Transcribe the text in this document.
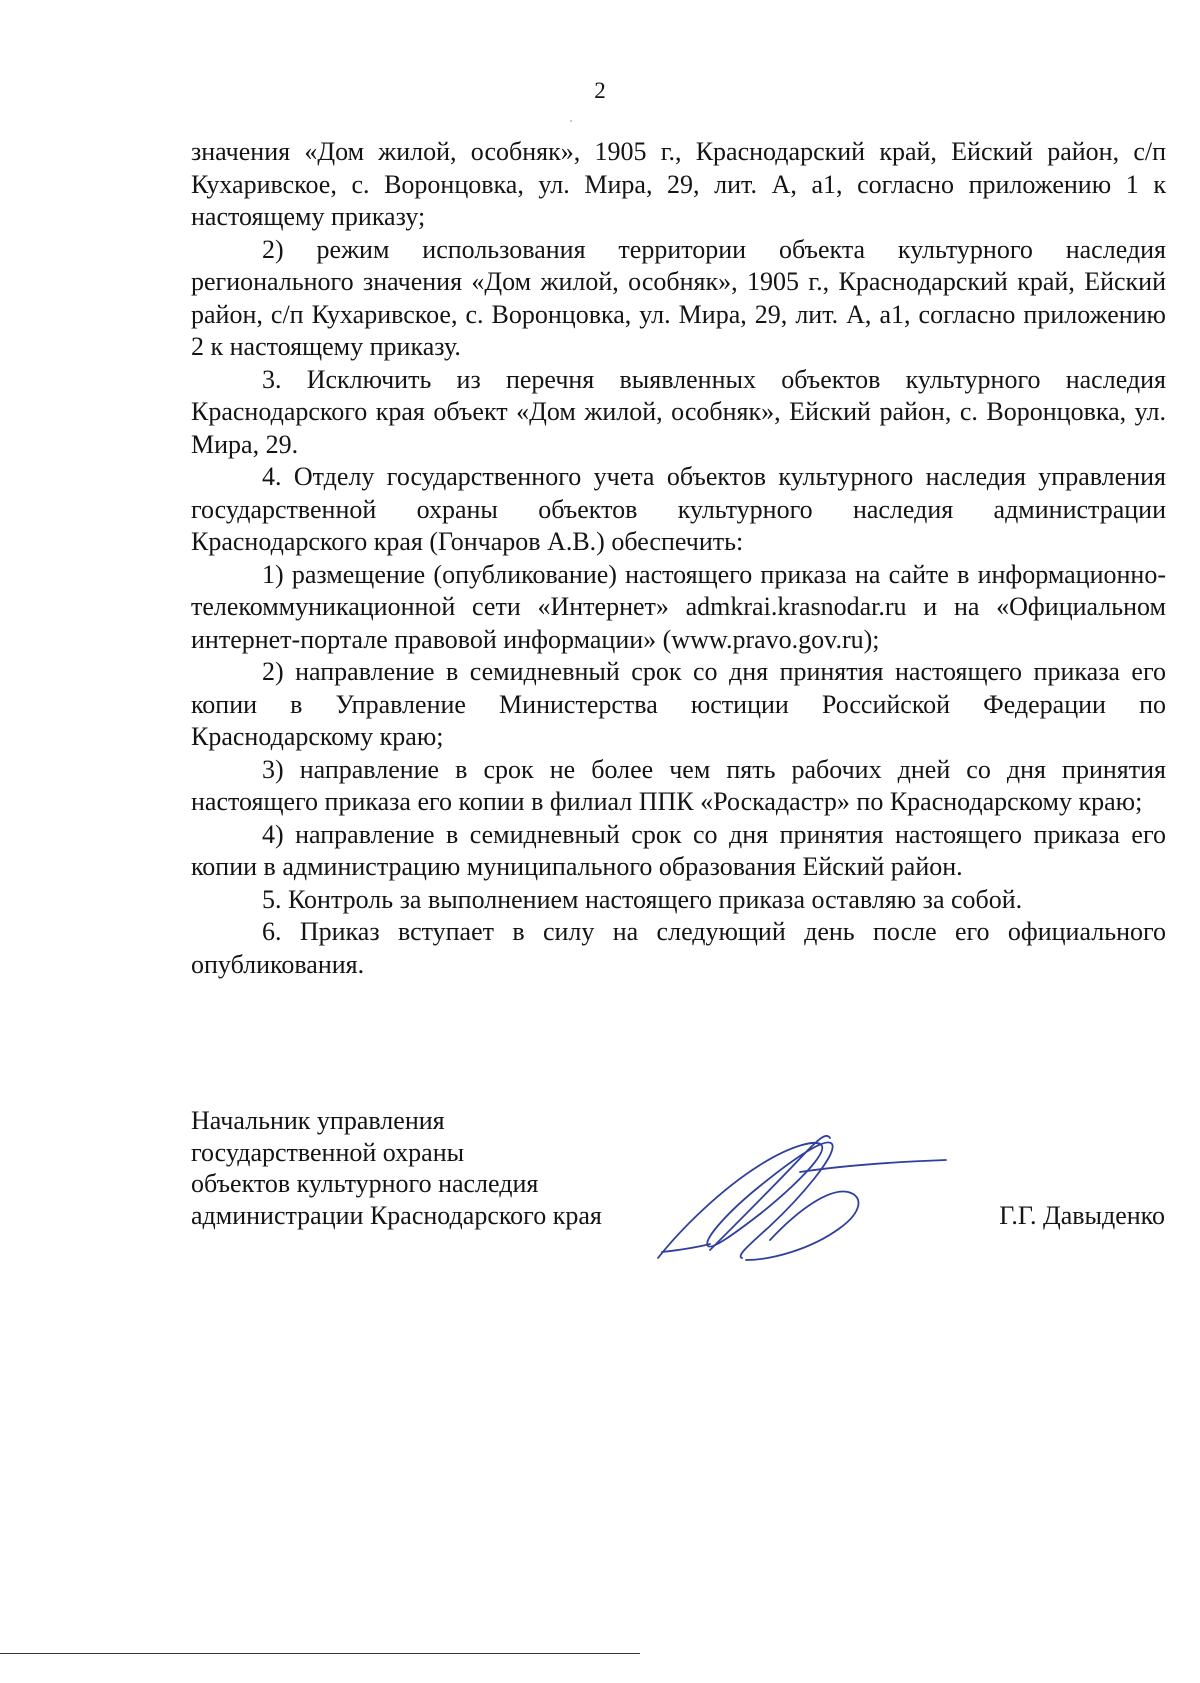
2

значения «Дом жилой, особняк», 1905 г., Краснодарский край, Ейский район, с/п Кухаривское, с. Воронцовка, ул. Мира, 29, лит. А, а1, согласно приложению 1 к настоящему приказу;

2) режим использования территории объекта культурного наследия регионального значения «Дом жилой, особняк», 1905 г., Краснодарский край, Ейский район, с/п Кухаривское, с. Воронцовка, ул. Мира, 29, лит. А, а1, согласно приложению 2 к настоящему приказу.

3. Исключить из перечня выявленных объектов культурного наследия Краснодарского края объект «Дом жилой, особняк», Ейский район, с. Воронцовка, ул. Мира, 29.

4. Отделу государственного учета объектов культурного наследия управления государственной охраны объектов культурного наследия администрации Краснодарского края (Гончаров А.В.) обеспечить:

1) размещение (опубликование) настоящего приказа на сайте в информационно-телекоммуникационной сети «Интернет» admkrai.krasnodar.ru и на «Официальном интернет-портале правовой информации» (www.pravo.gov.ru);

2) направление в семидневный срок со дня принятия настоящего приказа его копии в Управление Министерства юстиции Российской Федерации по Краснодарскому краю;

3) направление в срок не более чем пять рабочих дней со дня принятия настоящего приказа его копии в филиал ППК «Роскадастр» по Краснодарскому краю;

4) направление в семидневный срок со дня принятия настоящего приказа его копии в администрацию муниципального образования Ейский район.

5. Контроль за выполнением настоящего приказа оставляю за собой.

6. Приказ вступает в силу на следующий день после его официального опубликования.

Начальник управления
государственной охраны
объектов культурного наследия
администрации Краснодарского края	Г.Г. Давыденко
